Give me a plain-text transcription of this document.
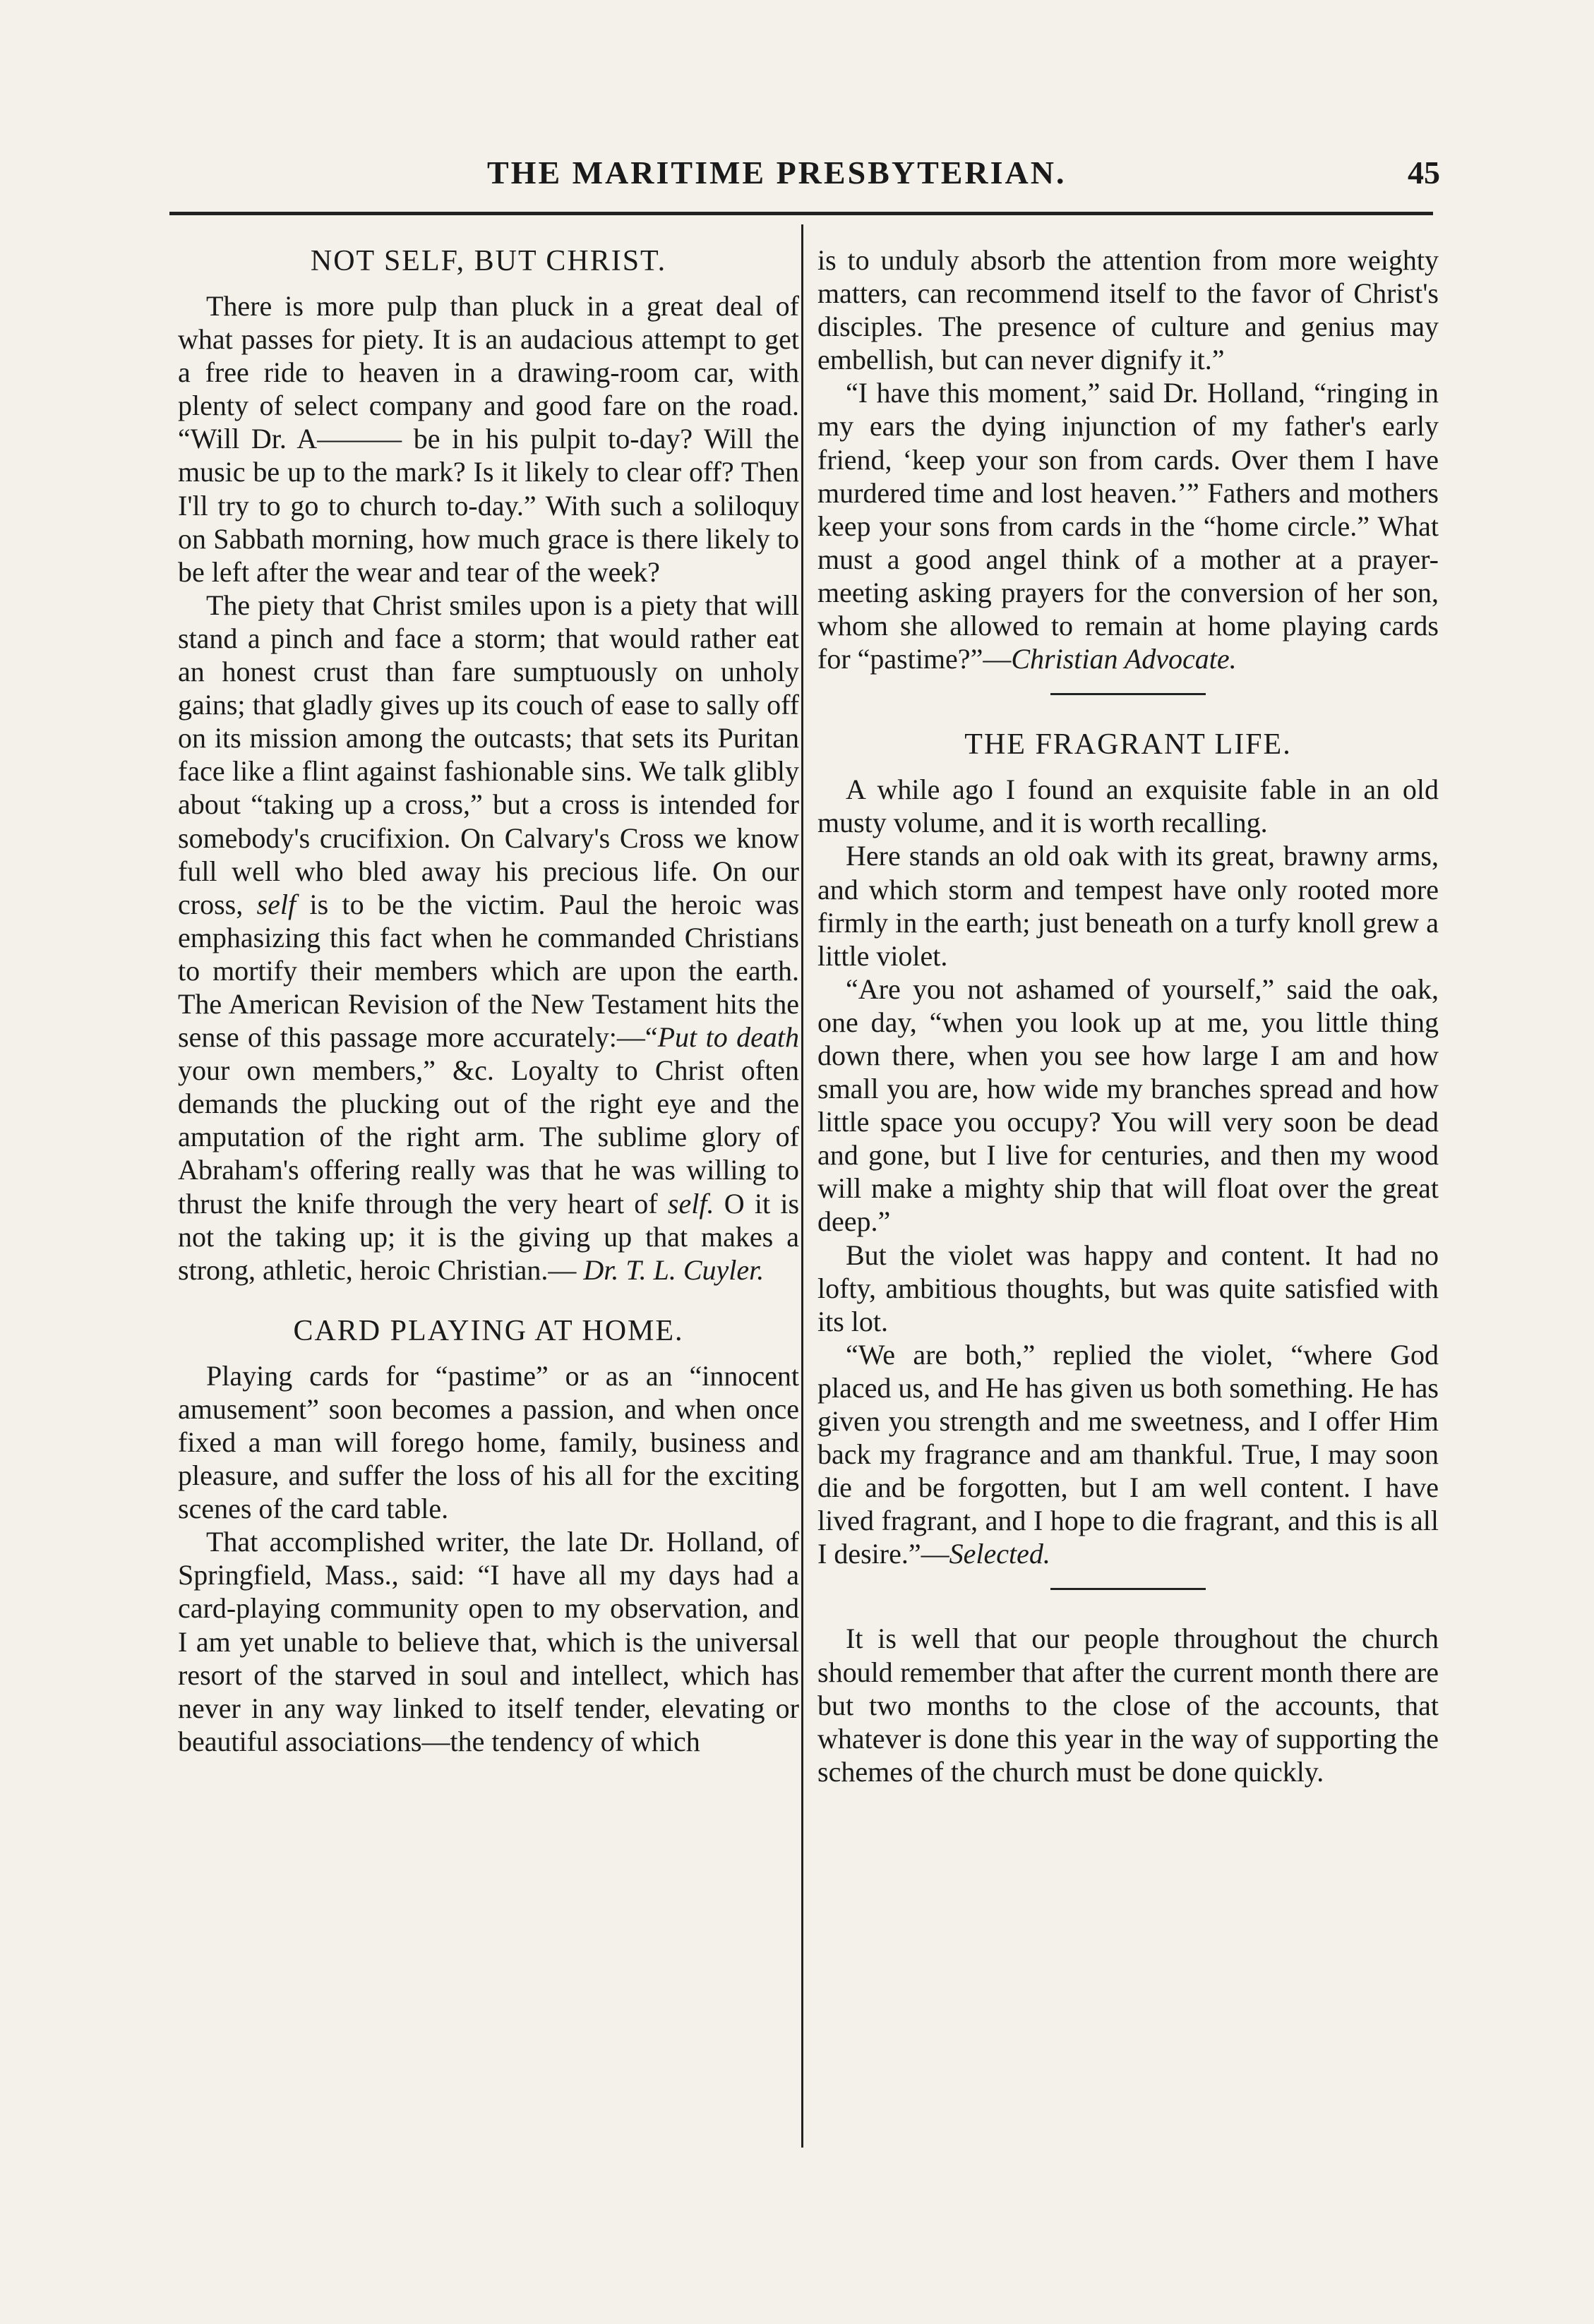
THE MARITIME PRESBYTERIAN.	45
NOT SELF, BUT CHRIST.

There is more pulp than pluck in a great deal of what passes for piety. It is an audacious attempt to get a free ride to heaven in a drawing-room car, with plenty of select company and good fare on the road. “Will Dr. A——— be in his pulpit to-day? Will the music be up to the mark? Is it likely to clear off? Then I'll try to go to church to-day.” With such a soliloquy on Sabbath morning, how much grace is there likely to be left after the wear and tear of the week?

The piety that Christ smiles upon is a piety that will stand a pinch and face a storm; that would rather eat an honest crust than fare sumptuously on unholy gains; that gladly gives up its couch of ease to sally off on its mission among the outcasts; that sets its Puritan face like a flint against fashionable sins. We talk glibly about “taking up a cross,” but a cross is intended for somebody's crucifixion. On Calvary's Cross we know full well who bled away his precious life. On our cross, self is to be the victim. Paul the heroic was emphasizing this fact when he commanded Christians to mortify their members which are upon the earth. The American Revision of the New Testament hits the sense of this passage more accurately:—“Put to death your own members,” &c. Loyalty to Christ often demands the plucking out of the right eye and the amputation of the right arm. The sublime glory of Abraham's offering really was that he was willing to thrust the knife through the very heart of self. O it is not the taking up; it is the giving up that makes a strong, athletic, heroic Christian.— Dr. T. L. Cuyler.

CARD PLAYING AT HOME.

Playing cards for “pastime” or as an “innocent amusement” soon becomes a passion, and when once fixed a man will forego home, family, business and pleasure, and suffer the loss of his all for the exciting scenes of the card table.

That accomplished writer, the late Dr. Holland, of Springfield, Mass., said: “I have all my days had a card-playing community open to my observation, and I am yet unable to believe that, which is the universal resort of the starved in soul and intellect, which has never in any way linked to itself tender, elevating or beautiful associations—the tendency of which

is to unduly absorb the attention from more weighty matters, can recommend itself to the favor of Christ's disciples. The presence of culture and genius may embellish, but can never dignify it.”

“I have this moment,” said Dr. Holland, “ringing in my ears the dying injunction of my father's early friend, ‘keep your son from cards. Over them I have murdered time and lost heaven.’” Fathers and mothers keep your sons from cards in the “home circle.” What must a good angel think of a mother at a prayer-meeting asking prayers for the conversion of her son, whom she allowed to remain at home playing cards for “pastime?”—Christian Advocate.

THE FRAGRANT LIFE.

A while ago I found an exquisite fable in an old musty volume, and it is worth recalling.

Here stands an old oak with its great, brawny arms, and which storm and tempest have only rooted more firmly in the earth; just beneath on a turfy knoll grew a little violet.

“Are you not ashamed of yourself,” said the oak, one day, “when you look up at me, you little thing down there, when you see how large I am and how small you are, how wide my branches spread and how little space you occupy? You will very soon be dead and gone, but I live for centuries, and then my wood will make a mighty ship that will float over the great deep.”

But the violet was happy and content. It had no lofty, ambitious thoughts, but was quite satisfied with its lot.

“We are both,” replied the violet, “where God placed us, and He has given us both something. He has given you strength and me sweetness, and I offer Him back my fragrance and am thankful. True, I may soon die and be forgotten, but I am well content. I have lived fragrant, and I hope to die fragrant, and this is all I desire.”—Selected.

It is well that our people throughout the church should remember that after the current month there are but two months to the close of the accounts, that whatever is done this year in the way of supporting the schemes of the church must be done quickly.
